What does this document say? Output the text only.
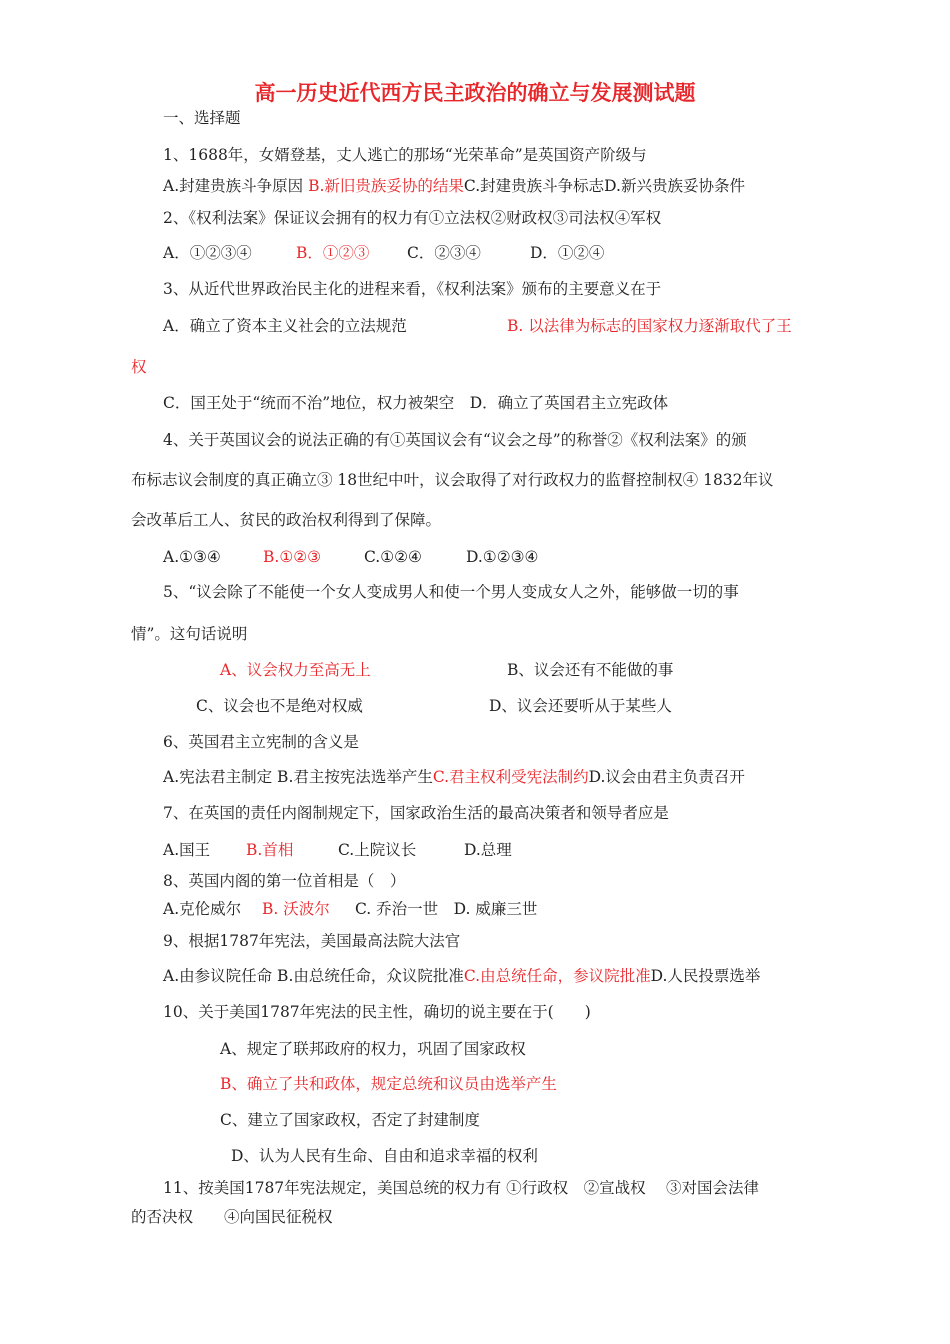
高一历史近代西方民主政治的确立与发展测试题
一、选择题
1、1688年，女婿登基，丈人逃亡的那场“光荣革命”是英国资产阶级与
A.封建贵族斗争原因 B.新旧贵族妥协的结果C.封建贵族斗争标志D.新兴贵族妥协条件
2、《权利法案》保证议会拥有的权力有①立法权②财政权③司法权④军权
A．①②③④	B．①②③ C．②③④	D．①②④
3、从近代世界政治民主化的进程来看，《权利法案》颁布的主要意义在于
A．确立了资本主义社会的立法规范	B. 以法律为标志的国家权力逐渐取代了王
权
C．国王处于“统而不治”地位，权力被架空　D．确立了英国君主立宪政体
4、关于英国议会的说法正确的有①英国议会有“议会之母”的称誉②《权利法案》的颁
布标志议会制度的真正确立③ 18世纪中叶，议会取得了对行政权力的监督控制权④ 1832年议
会改革后工人、贫民的政治权利得到了保障。
A.①③④	B.①②③	C.①②④	D.①②③④
5、“议会除了不能使一个女人变成男人和使一个男人变成女人之外，能够做一切的事
情”。这句话说明
A、议会权力至高无上	B、议会还有不能做的事
C、议会也不是绝对权威	D、议会还要听从于某些人
6、英国君主立宪制的含义是
A.宪法君主制定 B.君主按宪法选举产生C.君主权利受宪法制约D.议会由君主负责召开
7、在英国的责任内阁制规定下，国家政治生活的最高决策者和领导者应是
A.国王 B.首相	C.上院议长	D.总理
8、英国内阁的第一位首相是（　）
A.克伦威尔 B. 沃波尔 C. 乔治一世　D. 威廉三世
9、根据1787年宪法，美国最高法院大法官
A.由参议院任命 B.由总统任命，众议院批准C.由总统任命，参议院批准D.人民投票选举
10、关于美国1787年宪法的民主性，确切的说主要在于(　　)
A、规定了联邦政府的权力，巩固了国家政权
B、确立了共和政体，规定总统和议员由选举产生
C、建立了国家政权，否定了封建制度
D、认为人民有生命、自由和追求幸福的权利
11、按美国1787年宪法规定，美国总统的权力有 ①行政权　②宣战权　 ③对国会法律
的否决权　　④向国民征税权
